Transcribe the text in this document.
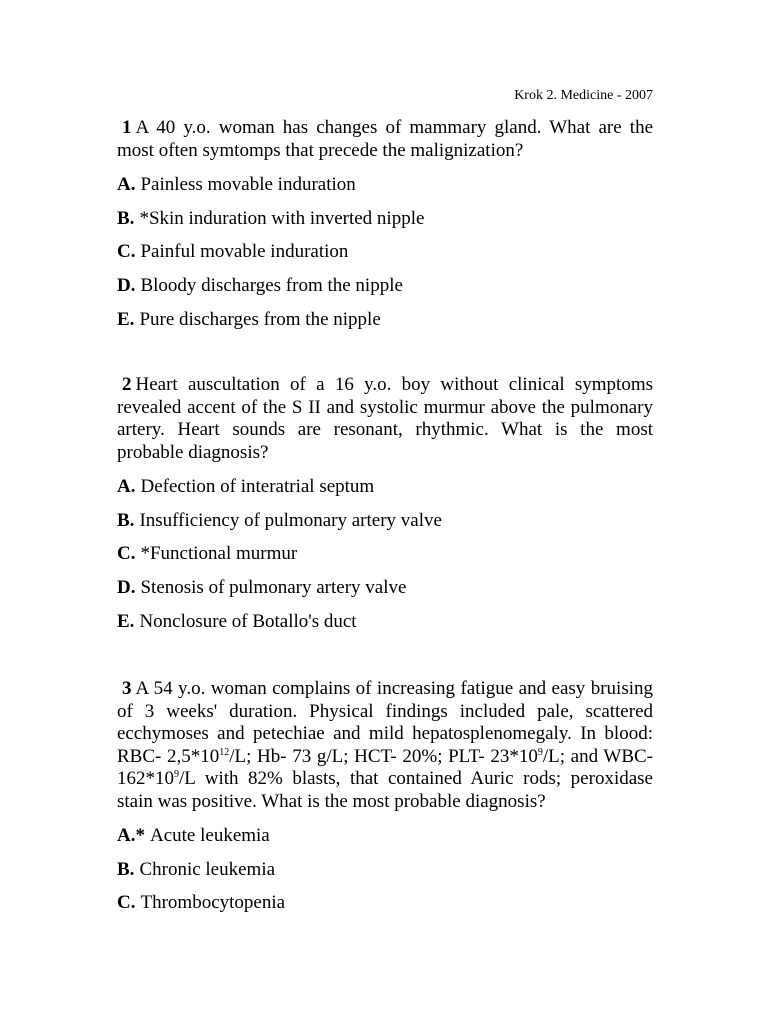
Krok 2. Medicine - 2007

1 A 40 y.o. woman has changes of mammary gland. What are the most often symtomps that precede the malignization?

A. Painless movable induration
B. *Skin induration with inverted nipple
C. Painful movable induration
D. Bloody discharges from the nipple
E. Pure discharges from the nipple

2 Heart auscultation of a 16 y.o. boy without clinical symptoms revealed accent of the S II and systolic murmur above the pulmonary artery. Heart sounds are resonant, rhythmic. What is the most probable diagnosis?

A. Defection of interatrial septum
B. Insufficiency of pulmonary artery valve
C. *Functional murmur
D. Stenosis of pulmonary artery valve
E. Nonclosure of Botallo's duct

3 A 54 y.o. woman complains of increasing fatigue and easy bruising of 3 weeks' duration. Physical findings included pale, scattered ecchymoses and petechiae and mild hepatosplenomegaly. In blood: RBC- $2,5*10^{12}/L$; Hb- 73 g/L; HCT- 20%; PLT- $23*10^9/L$; and WBC- $162*10^9/L$ with 82% blasts, that contained Auric rods; peroxidase stain was positive. What is the most probable diagnosis?

A.* Acute leukemia
B. Chronic leukemia
C. Thrombocytopenia
